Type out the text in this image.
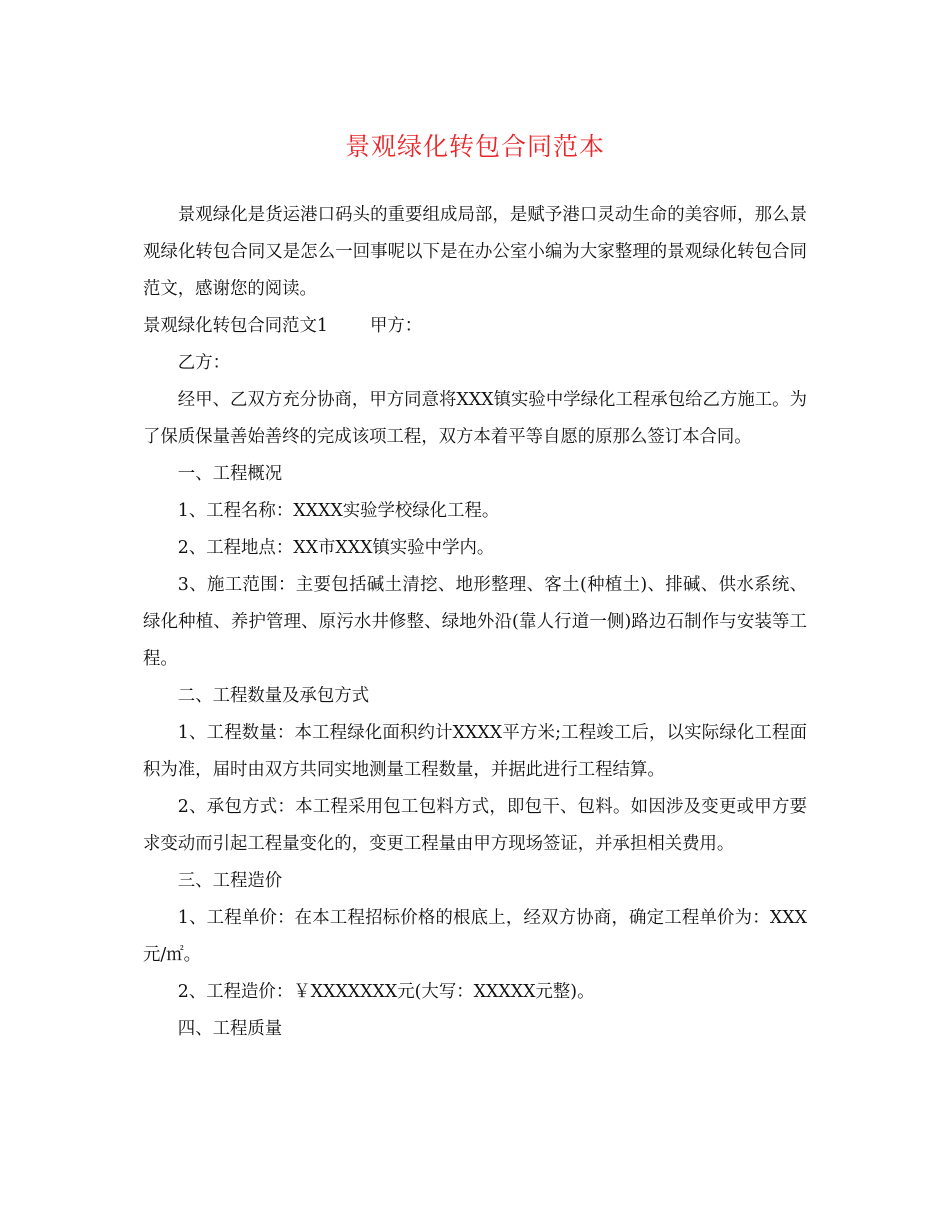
景观绿化转包合同范本

景观绿化是货运港口码头的重要组成局部，是赋予港口灵动生命的美容师，那么景观绿化转包合同又是怎么一回事呢以下是在办公室小编为大家整理的景观绿化转包合同范文，感谢您的阅读。

景观绿化转包合同范文1 甲方：

乙方：

经甲、乙双方充分协商，甲方同意将XXX镇实验中学绿化工程承包给乙方施工。为了保质保量善始善终的完成该项工程，双方本着平等自愿的原那么签订本合同。

一、工程概况

1、工程名称：XXXX实验学校绿化工程。

2、工程地点：XX市XXX镇实验中学内。

3、施工范围：主要包括碱土清挖、地形整理、客土(种植土)、排碱、供水系统、绿化种植、养护管理、原污水井修整、绿地外沿(靠人行道一侧)路边石制作与安装等工程。

二、工程数量及承包方式

1、工程数量：本工程绿化面积约计XXXX平方米;工程竣工后，以实际绿化工程面积为准，届时由双方共同实地测量工程数量，并据此进行工程结算。

2、承包方式：本工程采用包工包料方式，即包干、包料。如因涉及变更或甲方要求变动而引起工程量变化的，变更工程量由甲方现场签证，并承担相关费用。

三、工程造价

1、工程单价：在本工程招标价格的根底上，经双方协商，确定工程单价为：XXX元/㎡。

2、工程造价：￥XXXXXXX元(大写：XXXXX元整)。

四、工程质量
